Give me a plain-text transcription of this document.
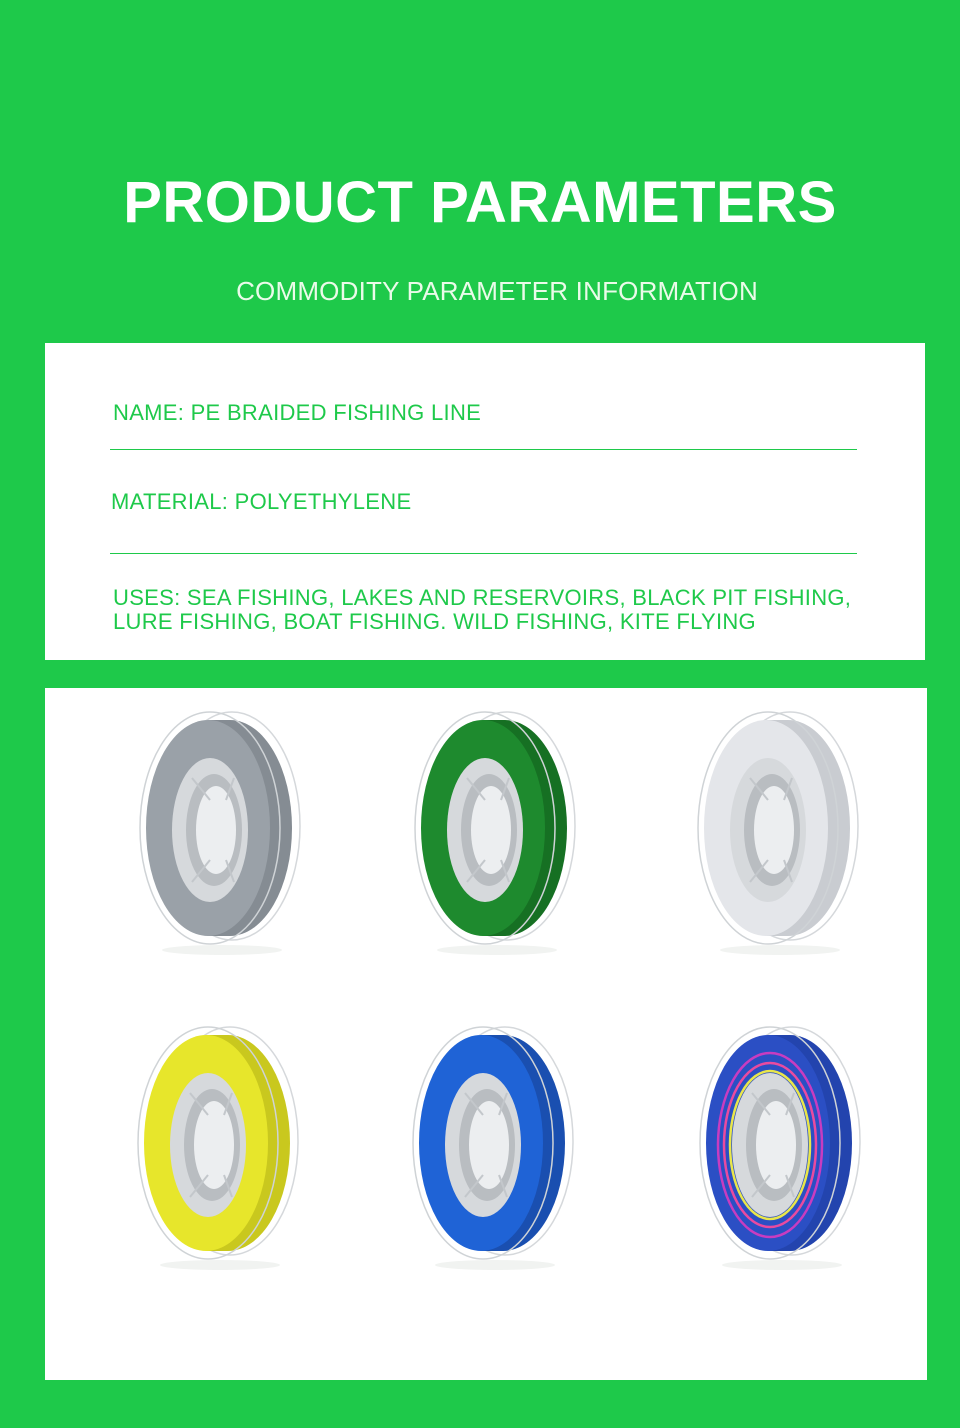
PRODUCT PARAMETERS
COMMODITY PARAMETER INFORMATION
NAME: PE BRAIDED FISHING LINE
MATERIAL: POLYETHYLENE
USES: SEA FISHING, LAKES AND RESERVOIRS, BLACK PIT FISHING,
LURE FISHING, BOAT FISHING. WILD FISHING, KITE FLYING
